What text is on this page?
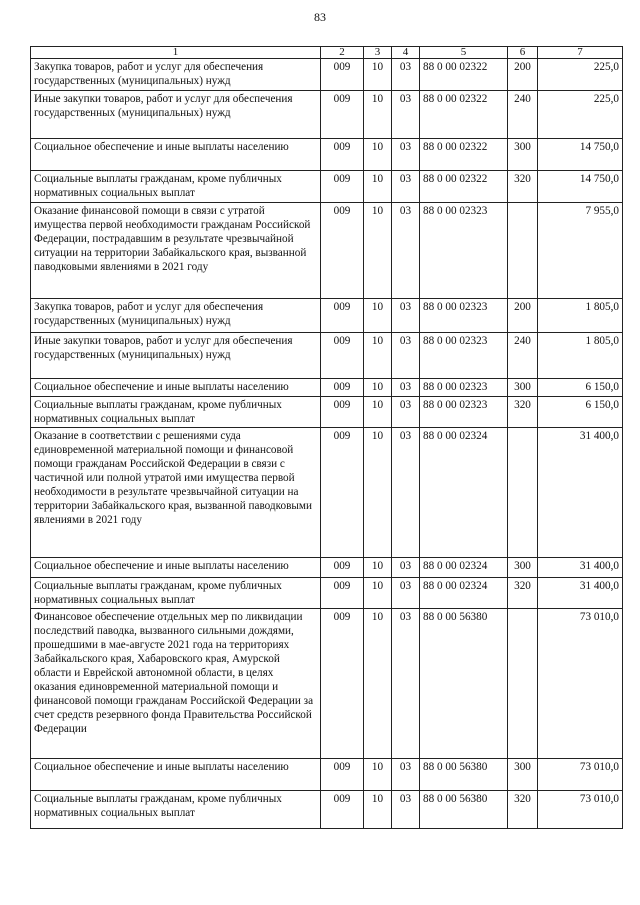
83
1	2	3	4	5	6	7
Закупка товаров, работ и услуг для обеспечения государственных (муниципальных) нужд	009	10	03	88 0 00 02322	200	225,0
Иные закупки товаров, работ и услуг для обеспечения государственных (муниципальных) нужд	009	10	03	88 0 00 02322	240	225,0
Социальное обеспечение и иные выплаты населению	009	10	03	88 0 00 02322	300	14 750,0
Социальные выплаты гражданам, кроме публичных нормативных социальных выплат	009	10	03	88 0 00 02322	320	14 750,0
Оказание финансовой помощи в связи с утратой имущества первой необходимости гражданам Российской Федерации, пострадавшим в результате чрезвычайной ситуации на территории Забайкальского края, вызванной паводковыми явлениями в 2021 году	009	10	03	88 0 00 02323		7 955,0
Закупка товаров, работ и услуг для обеспечения государственных (муниципальных) нужд	009	10	03	88 0 00 02323	200	1 805,0
Иные закупки товаров, работ и услуг для обеспечения государственных (муниципальных) нужд	009	10	03	88 0 00 02323	240	1 805,0
Социальное обеспечение и иные выплаты населению	009	10	03	88 0 00 02323	300	6 150,0
Социальные выплаты гражданам, кроме публичных нормативных социальных выплат	009	10	03	88 0 00 02323	320	6 150,0
Оказание в соответствии с решениями суда единовременной материальной помощи и финансовой помощи гражданам Российской Федерации в связи с частичной или полной утратой ими имущества первой необходимости в результате чрезвычайной ситуации на территории Забайкальского края, вызванной паводковыми явлениями в 2021 году	009	10	03	88 0 00 02324		31 400,0
Социальное обеспечение и иные выплаты населению	009	10	03	88 0 00 02324	300	31 400,0
Социальные выплаты гражданам, кроме публичных нормативных социальных выплат	009	10	03	88 0 00 02324	320	31 400,0
Финансовое обеспечение отдельных мер по ликвидации последствий паводка, вызванного сильными дождями, прошедшими в мае-августе 2021 года на территориях Забайкальского края, Хабаровского края, Амурской области и Еврейской автономной области, в целях оказания единовременной материальной помощи и финансовой помощи гражданам Российской Федерации за счет средств резервного фонда Правительства Российской Федерации	009	10	03	88 0 00 56380		73 010,0
Социальное обеспечение и иные выплаты населению	009	10	03	88 0 00 56380	300	73 010,0
Социальные выплаты гражданам, кроме публичных нормативных социальных выплат	009	10	03	88 0 00 56380	320	73 010,0
